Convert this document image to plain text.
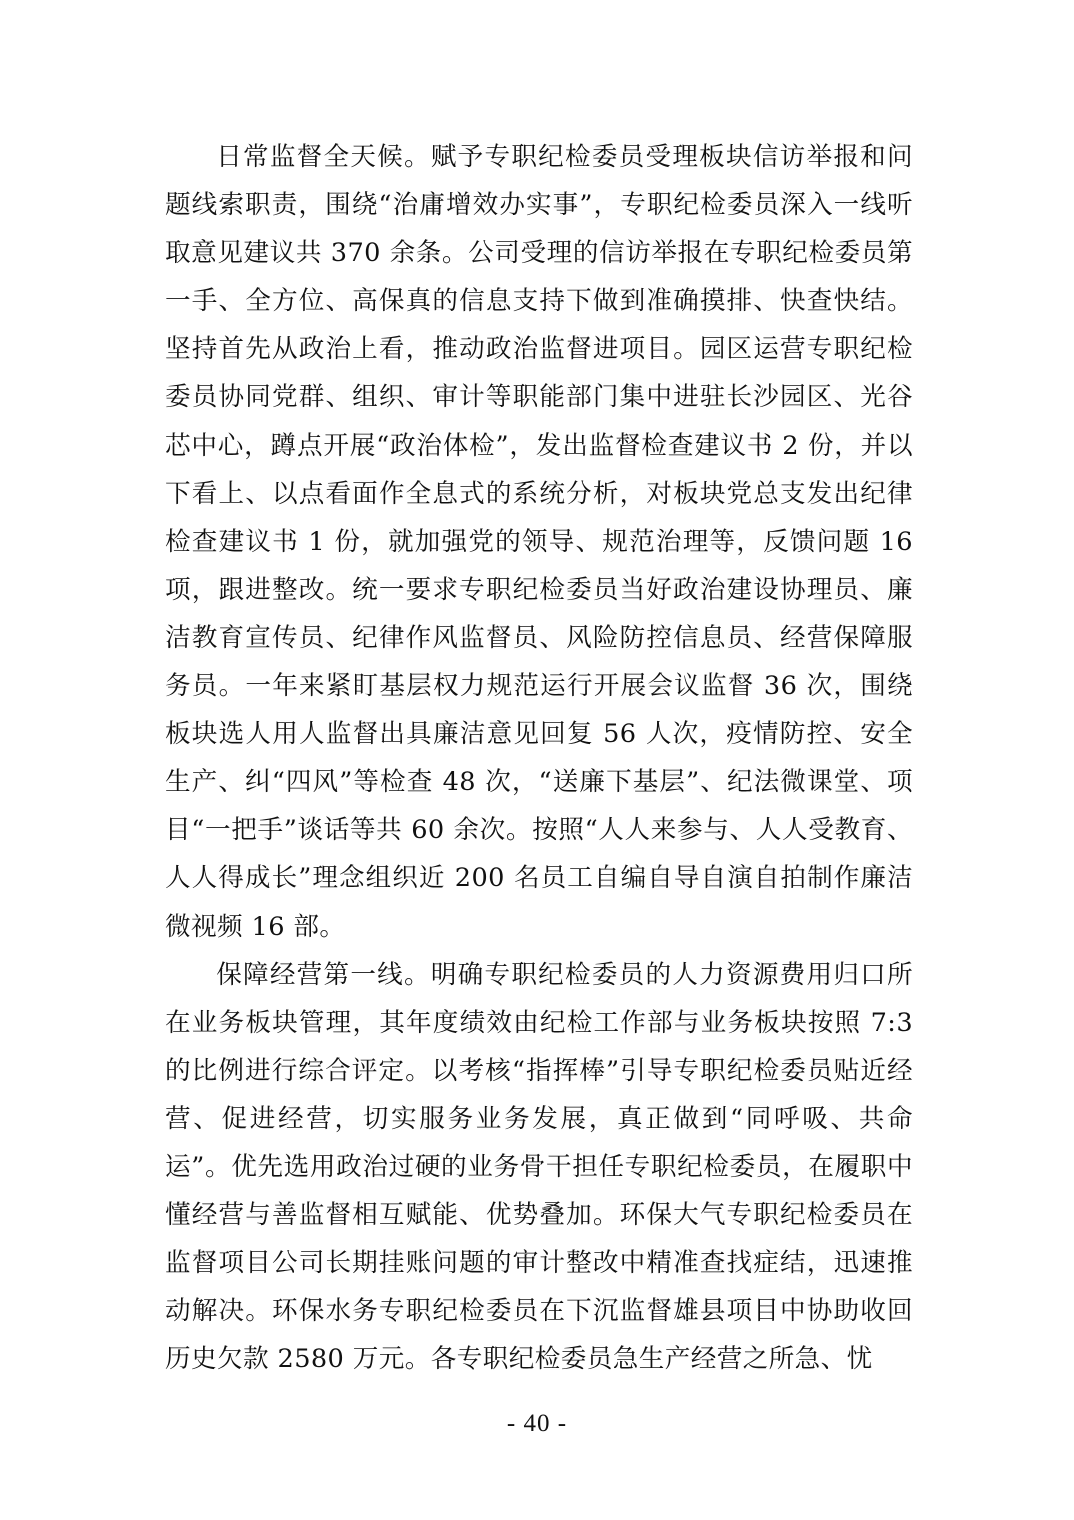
日常监督全天候。赋予专职纪检委员受理板块信访举报和问题线索职责，围绕“治庸增效办实事”，专职纪检委员深入一线听取意见建议共 370 余条。公司受理的信访举报在专职纪检委员第一手、全方位、高保真的信息支持下做到准确摸排、快查快结。坚持首先从政治上看，推动政治监督进项目。园区运营专职纪检委员协同党群、组织、审计等职能部门集中进驻长沙园区、光谷芯中心，蹲点开展“政治体检”，发出监督检查建议书 2 份，并以下看上、以点看面作全息式的系统分析，对板块党总支发出纪律检查建议书 1 份，就加强党的领导、规范治理等，反馈问题 16 项，跟进整改。统一要求专职纪检委员当好政治建设协理员、廉洁教育宣传员、纪律作风监督员、风险防控信息员、经营保障服务员。一年来紧盯基层权力规范运行开展会议监督 36 次，围绕板块选人用人监督出具廉洁意见回复 56 人次，疫情防控、安全生产、纠“四风”等检查 48 次，“送廉下基层”、纪法微课堂、项目“一把手”谈话等共 60 余次。按照“人人来参与、人人受教育、人人得成长”理念组织近 200 名员工自编自导自演自拍制作廉洁微视频 16 部。

保障经营第一线。明确专职纪检委员的人力资源费用归口所在业务板块管理，其年度绩效由纪检工作部与业务板块按照 7:3 的比例进行综合评定。以考核“指挥棒”引导专职纪检委员贴近经营、促进经营，切实服务业务发展，真正做到“同呼吸、共命运”。优先选用政治过硬的业务骨干担任专职纪检委员，在履职中懂经营与善监督相互赋能、优势叠加。环保大气专职纪检委员在监督项目公司长期挂账问题的审计整改中精准查找症结，迅速推动解决。环保水务专职纪检委员在下沉监督雄县项目中协助收回历史欠款 2580 万元。各专职纪检委员急生产经营之所急、忧

- 40 -
